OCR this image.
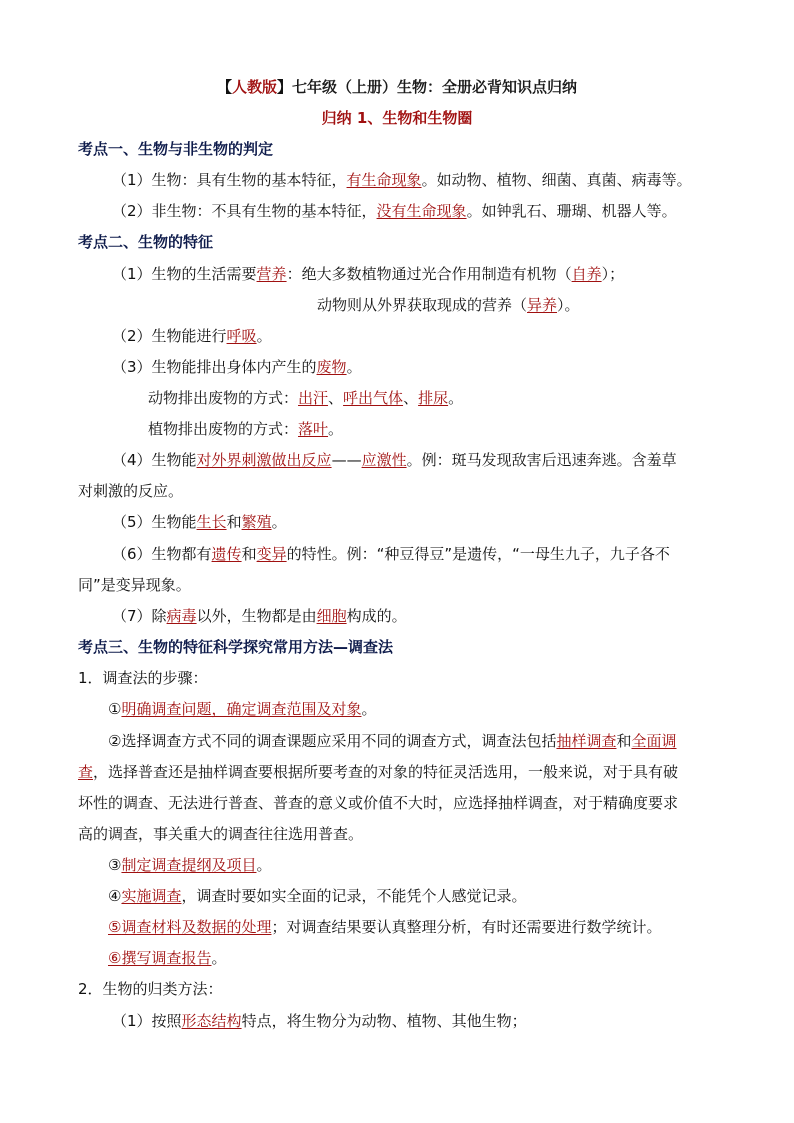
【人教版】七年级（上册）生物：全册必背知识点归纳
归纳 1、生物和生物圈
考点一、生物与非生物的判定
（1）生物：具有生物的基本特征，有生命现象。如动物、植物、细菌、真菌、病毒等。
（2）非生物：不具有生物的基本特征，没有生命现象。如钟乳石、珊瑚、机器人等。
考点二、生物的特征
（1）生物的生活需要营养：绝大多数植物通过光合作用制造有机物（自养）；
动物则从外界获取现成的营养（异养）。
（2）生物能进行呼吸。
（3）生物能排出身体内产生的废物。
动物排出废物的方式：出汗、呼出气体、排尿。
植物排出废物的方式：落叶。
（4）生物能对外界刺激做出反应——应激性。例：斑马发现敌害后迅速奔逃。含羞草
对刺激的反应。
（5）生物能生长和繁殖。
（6）生物都有遗传和变异的特性。例：“种豆得豆”是遗传，“一母生九子，九子各不
同”是变异现象。
（7）除病毒以外，生物都是由细胞构成的。
考点三、生物的特征科学探究常用方法—调查法
1．调查法的步骤：
①明确调查问题，确定调查范围及对象。
②选择调查方式不同的调查课题应采用不同的调查方式，调查法包括抽样调查和全面调
查，选择普查还是抽样调查要根据所要考查的对象的特征灵活选用，一般来说，对于具有破
坏性的调查、无法进行普查、普查的意义或价值不大时，应选择抽样调查，对于精确度要求
高的调查，事关重大的调查往往选用普查。
③制定调查提纲及项目。
④实施调查，调查时要如实全面的记录，不能凭个人感觉记录。
⑤调查材料及数据的处理；对调查结果要认真整理分析，有时还需要进行数学统计。
⑥撰写调查报告。
2．生物的归类方法：
（1）按照形态结构特点，将生物分为动物、植物、其他生物；
